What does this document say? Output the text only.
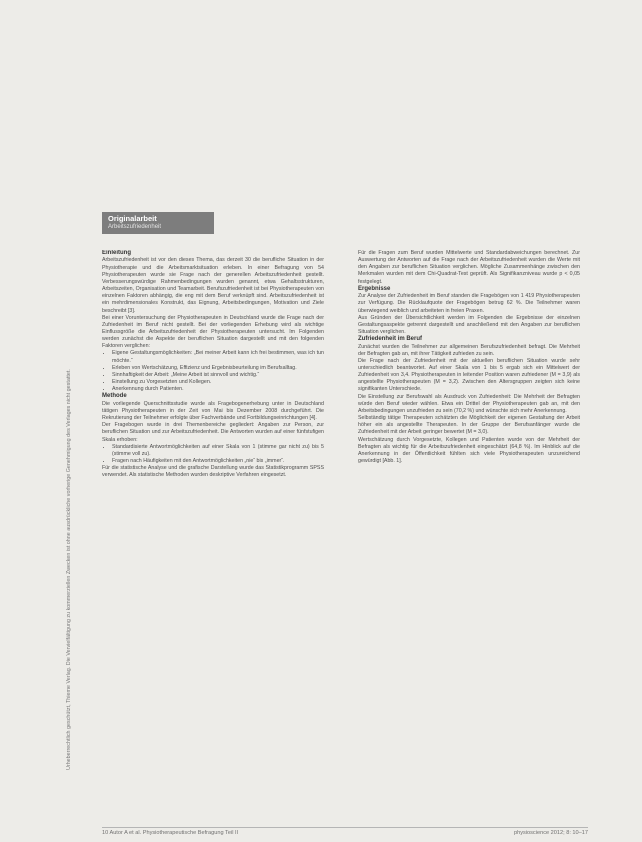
Urheberrechtlich geschützt, Thieme Verlag. Die Vervielfältigung zu kommerziellen Zwecken ist ohne ausdrückliche vorherige Genehmigung des Verlages nicht gestattet.
Originalarbeit
Arbeitszufriedenheit
Einleitung

Arbeitszufriedenheit ist vor den dieses Thema, das derzeit 30 die berufliche Situation in der Physiotherapie und die Arbeitsmarktsituation erleben. In einer Befragung von 54 Physiotherapeuten wurde sie Frage nach der generellen Arbeitszufriedenheit gestellt. Verbesserungswürdige Rahmenbedingungen wurden genannt, etwa Gehaltsstrukturen, Arbeitszeiten, Organisation und Teamarbeit. Berufszufriedenheit ist bei Physiotherapeuten von einzelnen Faktoren abhängig, die eng mit dem Beruf verknüpft sind. Arbeitszufriedenheit ist ein mehrdimensionales Konstrukt, das Eignung, Arbeitsbedingungen, Motivation und Ziele beschreibt [3].

Bei einer Voruntersuchung der Physiotherapeuten in Deutschland wurde die Frage nach der Zufriedenheit im Beruf nicht gestellt. Bei der vorliegenden Erhebung wird als wichtige Einflussgröße die Arbeitszufriedenheit der Physiotherapeuten untersucht. Im Folgenden werden zunächst die Aspekte der beruflichen Situation dargestellt und mit den folgenden Faktoren verglichen:

• Eigene Gestaltungsmöglichkeiten: „Bei meiner Arbeit kann ich frei bestimmen, was ich tun möchte.“
• Erleben von Wertschätzung, Effizienz und Ergebnisbeurteilung im Berufsalltag.
• Sinnhaftigkeit der Arbeit: „Meine Arbeit ist sinnvoll und wichtig.“
• Einstellung zu Vorgesetzten und Kollegen.
• Anerkennung durch Patienten.
Methode

Die vorliegende Querschnittsstudie wurde als Fragebogenerhebung unter in Deutschland tätigen Physiotherapeuten in der Zeit von Mai bis Dezember 2008 durchgeführt. Die Rekrutierung der Teilnehmer erfolgte über Fachverbände und Fortbildungseinrichtungen [4].

Der Fragebogen wurde in drei Themenbereiche gegliedert: Angaben zur Person, zur beruflichen Situation und zur Arbeitszufriedenheit. Die Antworten wurden auf einer fünfstufigen Skala erhoben:

• Standardisierte Antwortmöglichkeiten auf einer Skala von 1 (stimme gar nicht zu) bis 5 (stimme voll zu).
• Fragen nach Häufigkeiten mit den Antwortmöglichkeiten „nie“ bis „immer“.

Für die statistische Analyse und die grafische Darstellung wurde das Statistikprogramm SPSS verwendet. Als statistische Methoden wurden deskriptive Verfahren eingesetzt.

Für die Fragen zum Beruf wurden Mittelwerte und Standardabweichungen berechnet. Zur Auswertung der Antworten auf die Frage nach der Arbeitszufriedenheit wurden die Werte mit den Angaben zur beruflichen Situation verglichen. Mögliche Zusammenhänge zwischen den Merkmalen wurden mit dem Chi-Quadrat-Test geprüft. Als Signifikanzniveau wurde p < 0,05 festgelegt.

Ergebnisse

Zur Analyse der Zufriedenheit im Beruf standen die Fragebögen von 1 419 Physiotherapeuten zur Verfügung. Die Rücklaufquote der Fragebögen betrug 62 %. Die Teilnehmer waren überwiegend weiblich und arbeiteten in freien Praxen.

Aus Gründen der Übersichtlichkeit werden im Folgenden die Ergebnisse der einzelnen Gestaltungsaspekte getrennt dargestellt und anschließend mit den Angaben zur beruflichen Situation verglichen.

Zufriedenheit im Beruf

Zunächst wurden die Teilnehmer zur allgemeinen Berufszufriedenheit befragt. Die Mehrheit der Befragten gab an, mit ihrer Tätigkeit zufrieden zu sein.

Die Frage nach der Zufriedenheit mit der aktuellen beruflichen Situation wurde sehr unterschiedlich beantwortet. Auf einer Skala von 1 bis 5 ergab sich ein Mittelwert der Zufriedenheit von 3,4. Physiotherapeuten in leitender Position waren zufriedener (M = 3,9) als angestellte Physiotherapeuten (M = 3,2). Zwischen den Altersgruppen zeigten sich keine signifikanten Unterschiede.

Die Einstellung zur Berufswahl als Ausdruck von Zufriedenheit: Die Mehrheit der Befragten würde den Beruf wieder wählen. Etwa ein Drittel der Physiotherapeuten gab an, mit den Arbeitsbedingungen unzufrieden zu sein (70,2 %) und wünschte sich mehr Anerkennung.

Selbständig tätige Therapeuten schätzten die Möglichkeit der eigenen Gestaltung der Arbeit höher ein als angestellte Therapeuten. In der Gruppe der Berufsanfänger wurde die Zufriedenheit mit der Arbeit geringer bewertet (M = 3,0).

Wertschätzung durch Vorgesetzte, Kollegen und Patienten wurde von der Mehrheit der Befragten als wichtig für die Arbeitszufriedenheit eingeschätzt (64,8 %). Im Hinblick auf die Anerkennung in der Öffentlichkeit fühlten sich viele Physiotherapeuten unzureichend gewürdigt [Abb. 1].

10 Autor A et al. Physiotherapeutische Befragung Teil II	physioscience 2012; 8: 10–17
